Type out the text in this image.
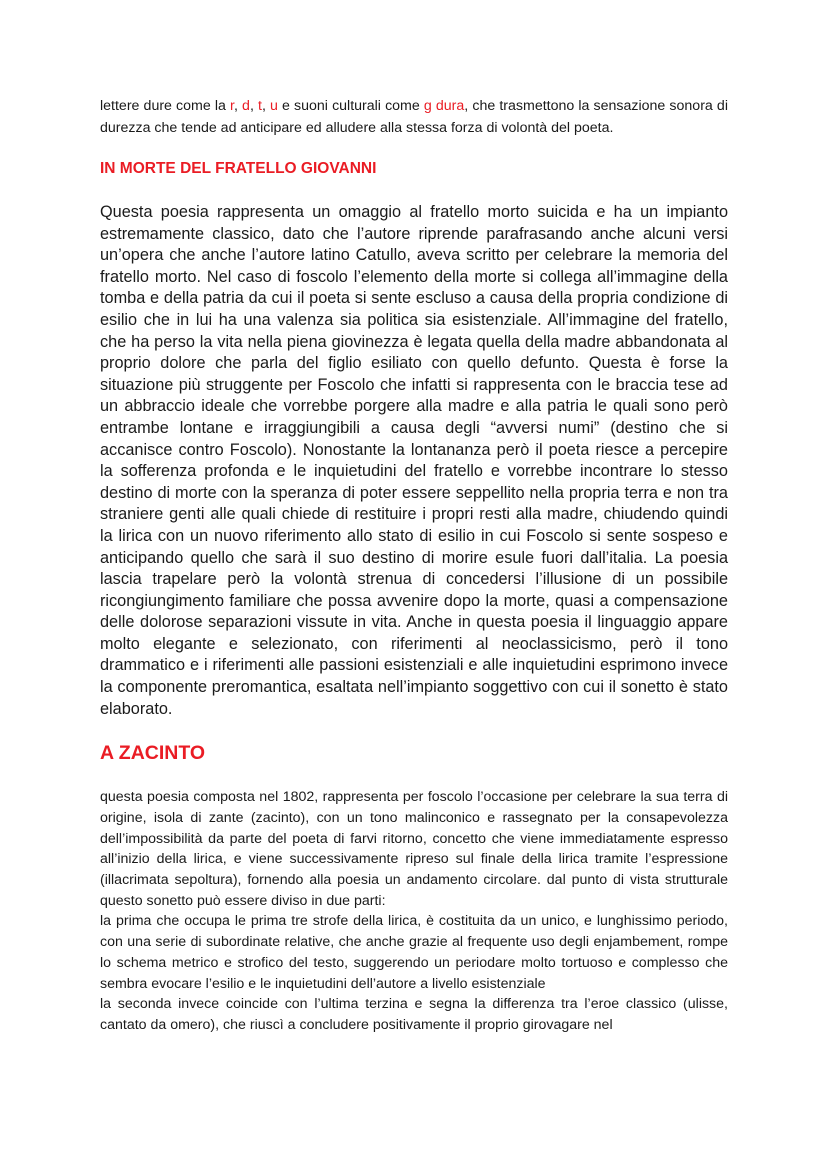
lettere dure come la r, d, t, u e suoni culturali come g dura, che trasmettono la sensazione sonora di durezza che tende ad anticipare ed alludere alla stessa forza di volontà del poeta.

IN MORTE DEL FRATELLO GIOVANNI

Questa poesia rappresenta un omaggio al fratello morto suicida e ha un impianto estremamente classico, dato che l’autore riprende parafrasando anche alcuni versi un’opera che anche l’autore latino Catullo, aveva scritto per celebrare la memoria del fratello morto. Nel caso di foscolo l’elemento della morte si collega all’immagine della tomba e della patria da cui il poeta si sente escluso a causa della propria condizione di esilio che in lui ha una valenza sia politica sia esistenziale. All’immagine del fratello, che ha perso la vita nella piena giovinezza è legata quella della madre abbandonata al proprio dolore che parla del figlio esiliato con quello defunto. Questa è forse la situazione più struggente per Foscolo che infatti si rappresenta con le braccia tese ad un abbraccio ideale che vorrebbe porgere alla madre e alla patria le quali sono però entrambe lontane e irraggiungibili a causa degli “avversi numi” (destino che si accanisce contro Foscolo). Nonostante la lontananza però il poeta riesce a percepire la sofferenza profonda e le inquietudini del fratello e vorrebbe incontrare lo stesso destino di morte con la speranza di poter essere seppellito nella propria terra e non tra straniere genti alle quali chiede di restituire i propri resti alla madre, chiudendo quindi la lirica con un nuovo riferimento allo stato di esilio in cui Foscolo si sente sospeso e anticipando quello che sarà il suo destino di morire esule fuori dall’italia. La poesia lascia trapelare però la volontà strenua di concedersi l’illusione di un possibile ricongiungimento familiare che possa avvenire dopo la morte, quasi a compensazione delle dolorose separazioni vissute in vita. Anche in questa poesia il linguaggio appare molto elegante e selezionato, con riferimenti al neoclassicismo, però il tono drammatico e i riferimenti alle passioni esistenziali e alle inquietudini esprimono invece la componente preromantica, esaltata nell’impianto soggettivo con cui il sonetto è stato elaborato.

A ZACINTO

questa poesia composta nel 1802, rappresenta per foscolo l’occasione per celebrare la sua terra di origine, isola di zante (zacinto), con un tono malinconico e rassegnato per la consapevolezza dell’impossibilità da parte del poeta di farvi ritorno, concetto che viene immediatamente espresso all’inizio della lirica, e viene successivamente ripreso sul finale della lirica tramite l’espressione (illacrimata sepoltura), fornendo alla poesia un andamento circolare. dal punto di vista strutturale questo sonetto può essere diviso in due parti:

la prima che occupa le prima tre strofe della lirica, è costituita da un unico, e lunghissimo periodo, con una serie di subordinate relative, che anche grazie al frequente uso degli enjambement, rompe lo schema metrico e strofico del testo, suggerendo un periodare molto tortuoso e complesso che sembra evocare l’esilio e le inquietudini dell’autore a livello esistenziale

la seconda invece coincide con l’ultima terzina e segna la differenza tra l’eroe classico (ulisse, cantato da omero), che riuscì a concludere positivamente il proprio girovagare nel
